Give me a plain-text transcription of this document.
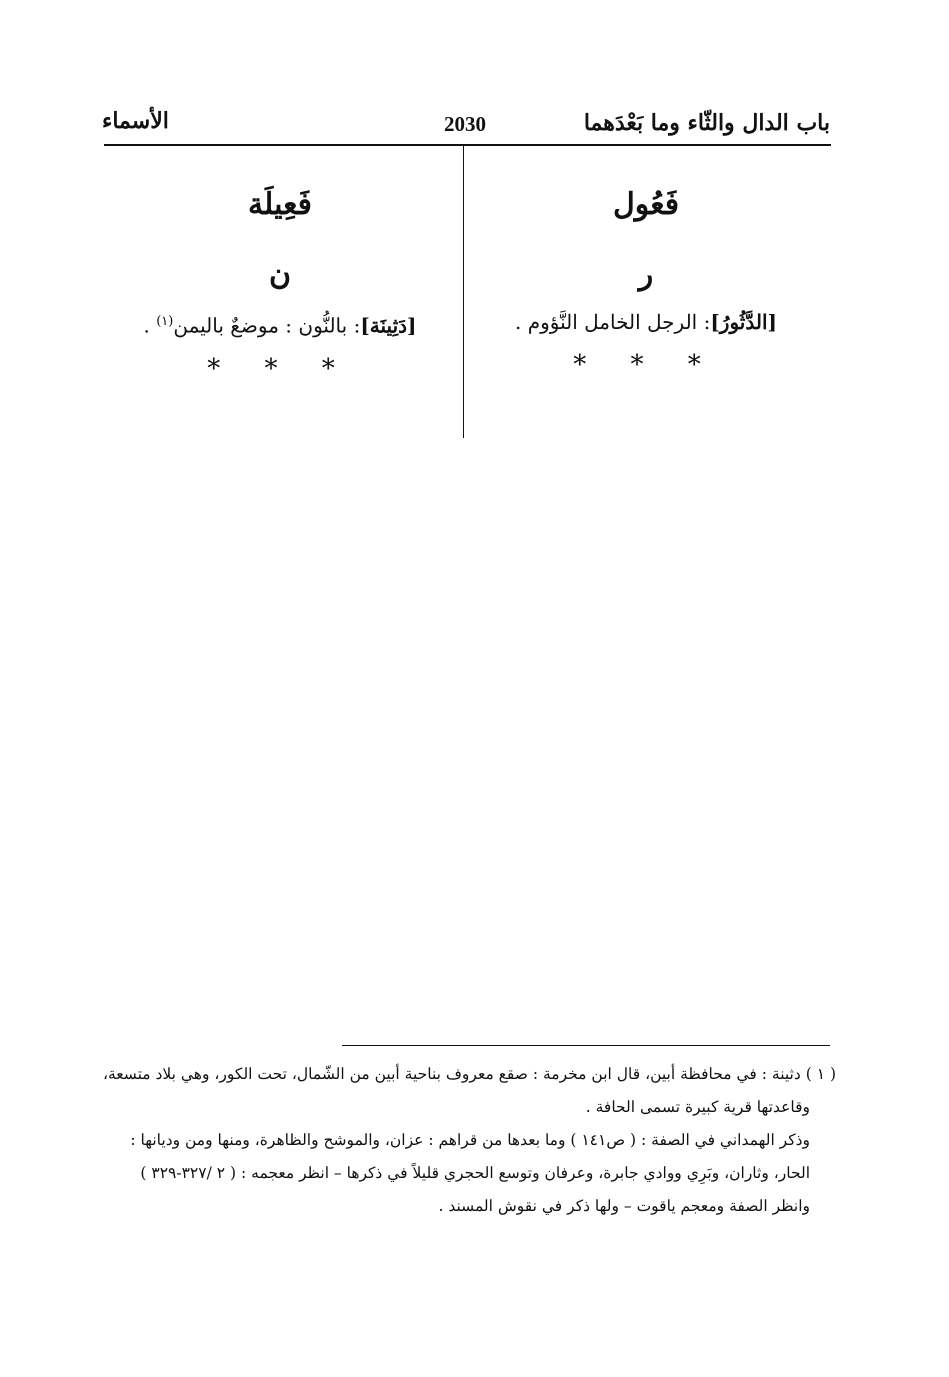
باب الدال والثّاء وما بَعْدَهما
2030
الأسماء
فَعُول
ر
[الدَّثُورُ]: الرجل الخامل النَّؤوم .
* * *
فَعِيلَة
ن
[دَثِينَة]: بالنُّون : موضعٌ باليمن$^{(١)}$ .
* * *
( ١ ) دثينة : في محافظة أبين، قال ابن مخرمة : صقع معروف بناحية أبين من الشّمال، تحت الكور، وهي بلاد متسعة،
وقاعدتها قرية كبيرة تسمى الحافة .
وذكر الهمداني في الصفة : ( ص١٤١ ) وما بعدها من قراهم : عزان، والموشح والظاهرة، ومنها ومن وديانها :
الحار، وثاران، وبَرِي ووادي جابرة، وعرفان وتوسع الحجري قليلاً في ذكرها – انظر معجمه : ( ٢ /٣٢٧-٣٢٩ )
وانظر الصفة ومعجم ياقوت – ولها ذكر في نقوش المسند .
